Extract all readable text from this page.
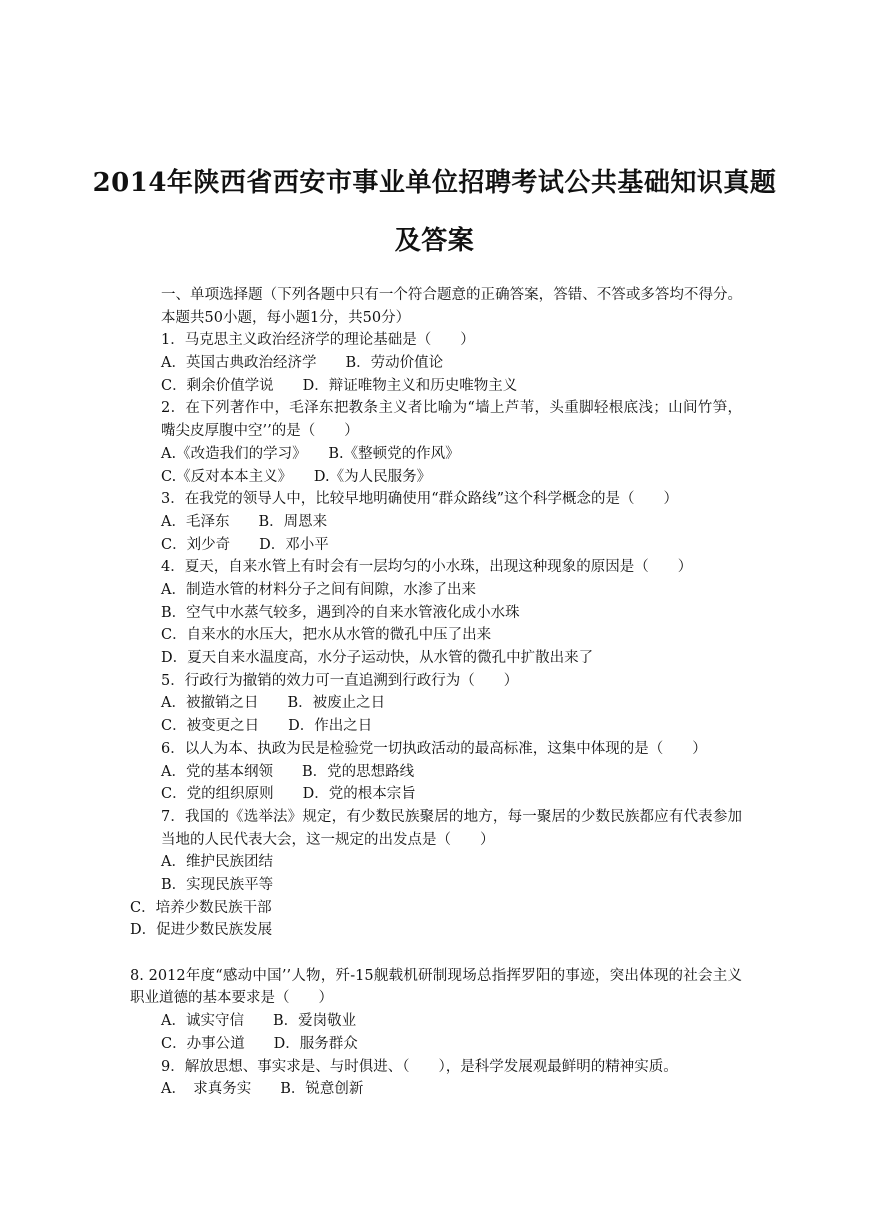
2014年陕西省西安市事业单位招聘考试公共基础知识真题
及答案
一、单项选择题（下列各题中只有一个符合题意的正确答案，答错、不答或多答均不得分。本题共50小题，每小题1分，共50分）
1．马克思主义政治经济学的理论基础是（　　）
A．英国古典政治经济学　　B．劳动价值论
C．剩余价值学说　　D．辩证唯物主义和历史唯物主义
2．在下列著作中，毛泽东把教条主义者比喻为“墙上芦苇，头重脚轻根底浅；山间竹笋，嘴尖皮厚腹中空’’的是（　　）
A.《改造我们的学习》　　B.《整顿党的作风》
C.《反对本本主义》　　D.《为人民服务》
3．在我党的领导人中，比较早地明确使用“群众路线”这个科学概念的是（　　）
A．毛泽东　　B．周恩来
C．刘少奇　　D．邓小平
4．夏天，自来水管上有时会有一层均匀的小水珠，出现这种现象的原因是（　　）
A．制造水管的材料分子之间有间隙，水渗了出来
B．空气中水蒸气较多，遇到冷的自来水管液化成小水珠
C．自来水的水压大，把水从水管的微孔中压了出来
D．夏天自来水温度高，水分子运动快，从水管的微孔中扩散出来了
5．行政行为撤销的效力可一直追溯到行政行为（　　）
A．被撤销之日　　B．被废止之日
C．被变更之日　　D．作出之日
6．以人为本、执政为民是检验党一切执政活动的最高标准，这集中体现的是（　　）
A．党的基本纲领　　B．党的思想路线
C．党的组织原则　　D．党的根本宗旨
7．我国的《选举法》规定，有少数民族聚居的地方，每一聚居的少数民族都应有代表参加当地的人民代表大会，这一规定的出发点是（　　）
A．维护民族团结
B．实现民族平等
C．培养少数民族干部
D．促进少数民族发展
8. 2012年度“感动中国’’人物，歼-15舰载机研制现场总指挥罗阳的事迹，突出体现的社会主义职业道德的基本要求是（　　）
A．诚实守信　　B．爱岗敬业
C．办事公道　　D．服务群众
9．解放思想、事实求是、与时俱进、（　　），是科学发展观最鲜明的精神实质。
A．　求真务实　　B．锐意创新
